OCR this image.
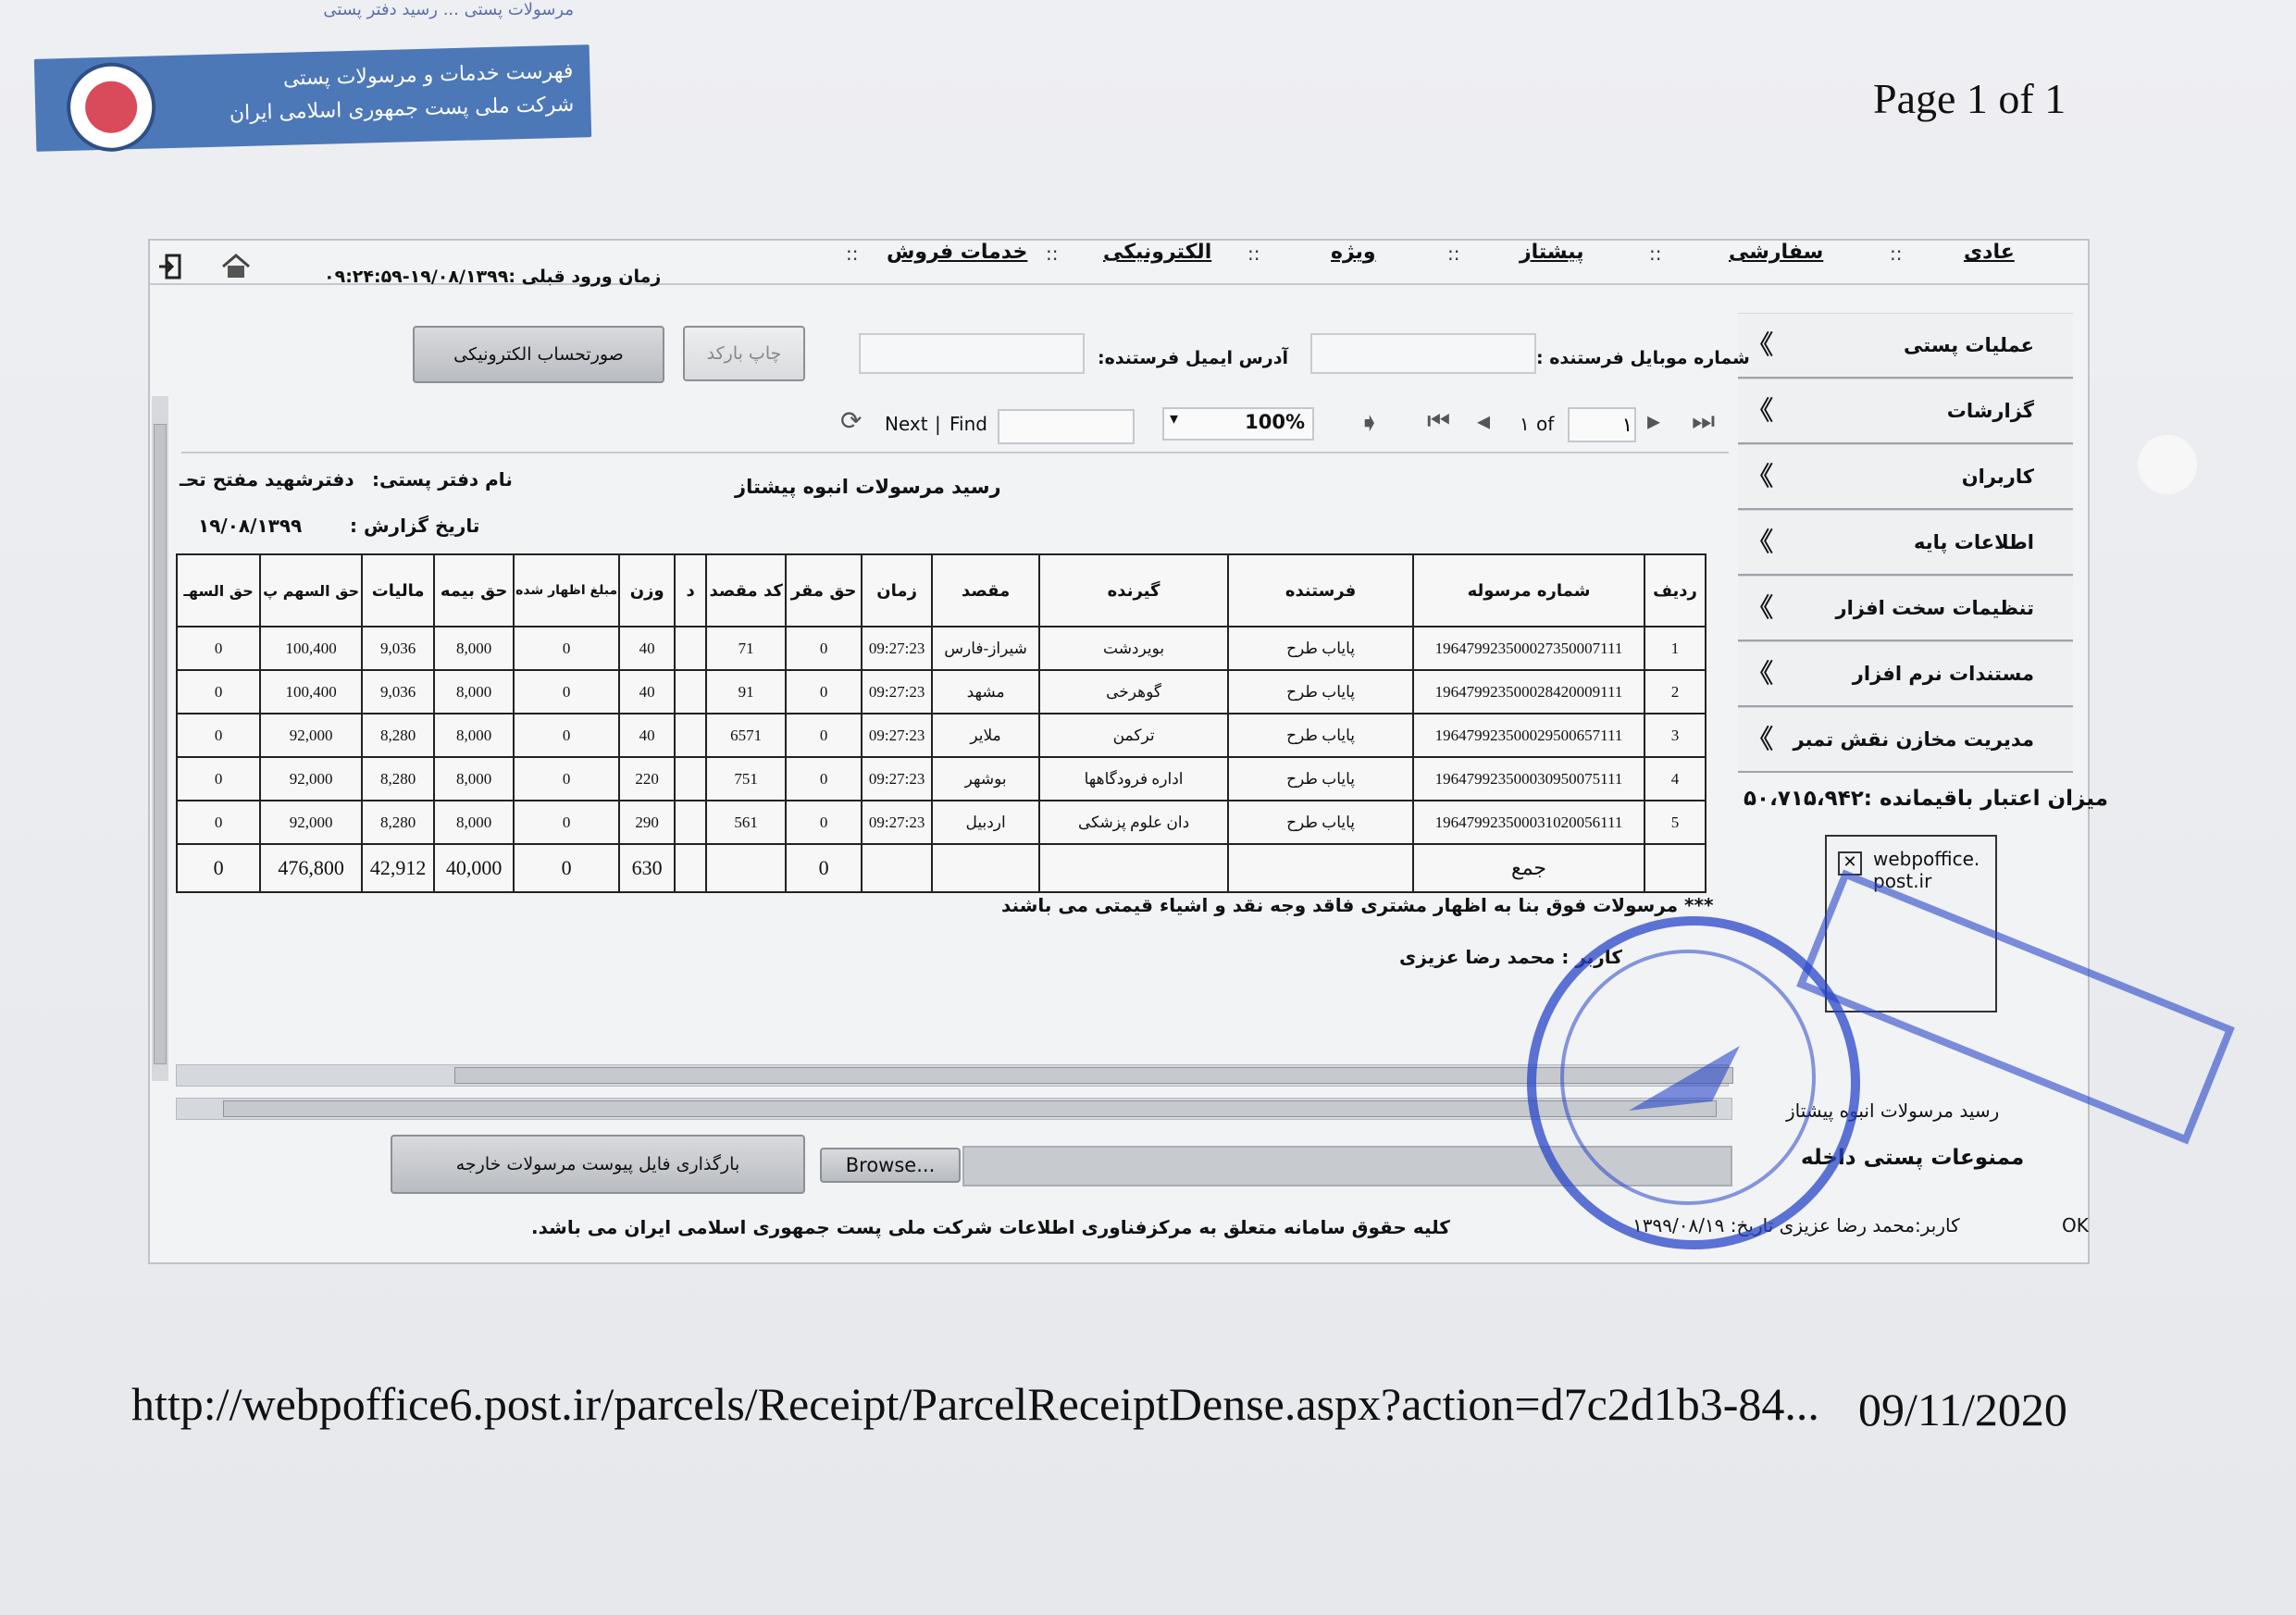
مرسولات پستی ... رسید دفتر پستی
فهرست خدمات و مرسولات پستی
شرکت ملی پست جمهوری اسلامی ایران	Page 1 of 1
زمان ورود قبلی :۱۹/۰۸/۱۳۹۹-۰۹:۲۴:۵۹
عادی
::
سفارشی
::
پیشتاز
::
ویژه
::
الکترونیکی
::
خدمات فروش
::
《	عملیات پستی
《	گزارشات
《	کاربران
《	اطلاعات پایه
《	تنظیمات سخت افزار
《	مستندات نرم افزار
《 مدیریت مخازن نقش تمبر
میزان اعتبار باقیمانده :۵۰،۷۱۵،۹۴۲
شماره موبایل فرستنده :
آدرس ایمیل فرستنده:
چاپ بارکد
صورتحساب الکترونیکی
⏭
▸
۱
of
۱
◂
⏮
➧
▾	100%
Find
|
Next
⟳
رسید مرسولات انبوه پیشتاز
نام دفتر پستی:
دفترشهید مفتح تحـ
تاریخ گزارش :
۱۹/۰۸/۱۳۹۹
ردیف	شماره مرسوله	فرستنده	گیرنده	مقصد	زمان	حق مقر	کد مقصد	د	وزن	مبلغ اظهار شده	حق بیمه	مالیات	حق السهم پ	حق السهـ
1	196479923500027350007111	پایاب طرح	بویردشت	شیراز-فارس	09:27:23	0	71		40	0	8,000	9,036	100,400	0
2	196479923500028420009111	پایاب طرح	گوهرخی	مشهد	09:27:23	0	91		40	0	8,000	9,036	100,400	0
3	196479923500029500657111	پایاب طرح	ترکمن	ملایر	09:27:23	0	6571		40	0	8,000	8,280	92,000	0
4	196479923500030950075111	پایاب طرح	اداره فرودگاهها	بوشهر	09:27:23	0	751		220	0	8,000	8,280	92,000	0
5	196479923500031020056111	پایاب طرح	دان علوم پزشکی	اردبیل	09:27:23	0	561		290	0	8,000	8,280	92,000	0
	جمع					0			630	0	40,000	42,912	476,800	0
*** مرسولات فوق بنا به اظهار مشتری فاقد وجه نقد و اشیاء قیمتی می باشند
کاربر : محمد رضا عزیزی
✕ webpoffice.post.ir
رسید مرسولات انبوه پیشتاز
ممنوعات پستی داخله
Browse...
بارگذاری فایل پیوست مرسولات خارجه
کلیه حقوق سامانه متعلق به مرکزفناوری اطلاعات شرکت ملی پست جمهوری اسلامی ایران می باشد.	کاربر:محمد رضا عزیزی تاریخ: ۱۳۹۹/۰۸/۱۹	OK
http://webpoffice6.post.ir/parcels/Receipt/ParcelReceiptDense.aspx?action=d7c2d1b3-84... 09/11/2020
